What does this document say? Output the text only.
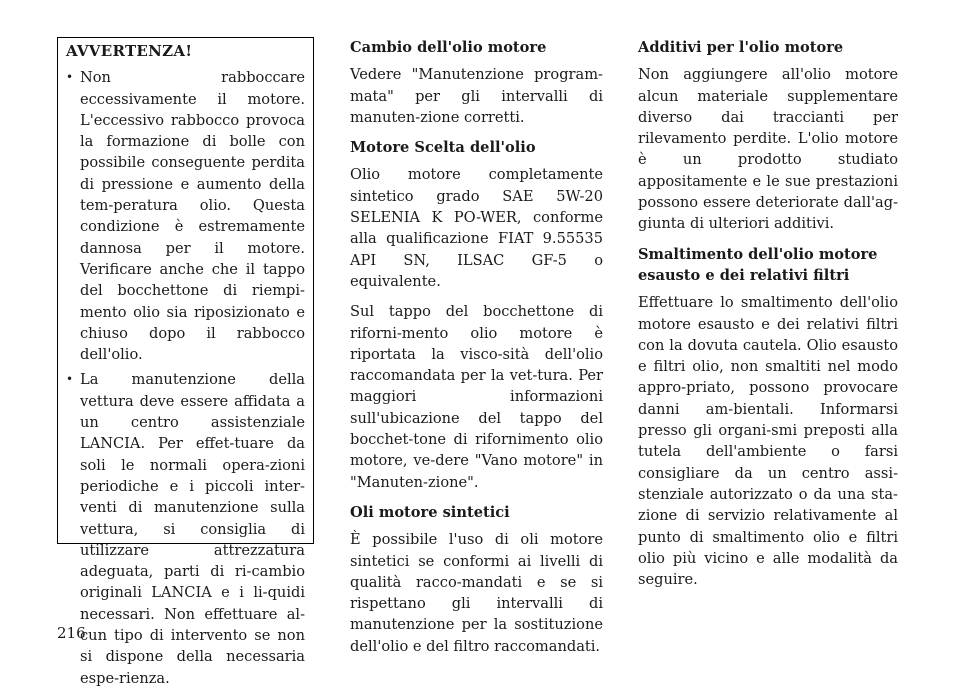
AVVERTENZA!
• Non rabboccare eccessivamente il motore. L'eccessivo rabbocco provoca la formazione di bolle con possibile conseguente perdita di pressione e aumento della tem-peratura olio. Questa condizione è estremamente dannosa per il motore. Verificare anche che il tappo del bocchettone di riempi-mento olio sia riposizionato e chiuso dopo il rabbocco dell'olio.
• La manutenzione della vettura deve essere affidata a un centro assistenziale LANCIA. Per effet-tuare da soli le normali opera-zioni periodiche e i piccoli inter-venti di manutenzione sulla vettura, si consiglia di utilizzare attrezzatura adeguata, parti di ri-cambio originali LANCIA e i li-quidi necessari. Non effettuare al-cun tipo di intervento se non si dispone della necessaria espe-rienza.
Cambio dell'olio motore

Vedere "Manutenzione program-mata" per gli intervalli di manuten-zione corretti.

Motore Scelta dell'olio

Olio motore completamente sintetico grado SAE 5W-20 SELENIA K PO-WER, conforme alla qualificazione FIAT 9.55535 API SN, ILSAC GF-5 o equivalente.

Sul tappo del bocchettone di riforni-mento olio motore è riportata la visco-sità dell'olio raccomandata per la vet-tura. Per maggiori informazioni sull'ubicazione del tappo del bocchet-tone di rifornimento olio motore, ve-dere "Vano motore" in "Manuten-zione".

Oli motore sintetici

È possibile l'uso di oli motore sintetici se conformi ai livelli di qualità racco-mandati e se si rispettano gli intervalli di manutenzione per la sostituzione dell'olio e del filtro raccomandati.

Additivi per l'olio motore

Non aggiungere all'olio motore alcun materiale supplementare diverso dai traccianti per rilevamento perdite. L'olio motore è un prodotto studiato appositamente e le sue prestazioni possono essere deteriorate dall'ag-giunta di ulteriori additivi.

Smaltimento dell'olio motore
esausto e dei relativi filtri

Effettuare lo smaltimento dell'olio motore esausto e dei relativi filtri con la dovuta cautela. Olio esausto e filtri olio, non smaltiti nel modo appro-priato, possono provocare danni am-bientali. Informarsi presso gli organi-smi preposti alla tutela dell'ambiente o farsi consigliare da un centro assi-stenziale autorizzato o da una sta-zione di servizio relativamente al punto di smaltimento olio e filtri olio più vicino e alle modalità da seguire.

216
